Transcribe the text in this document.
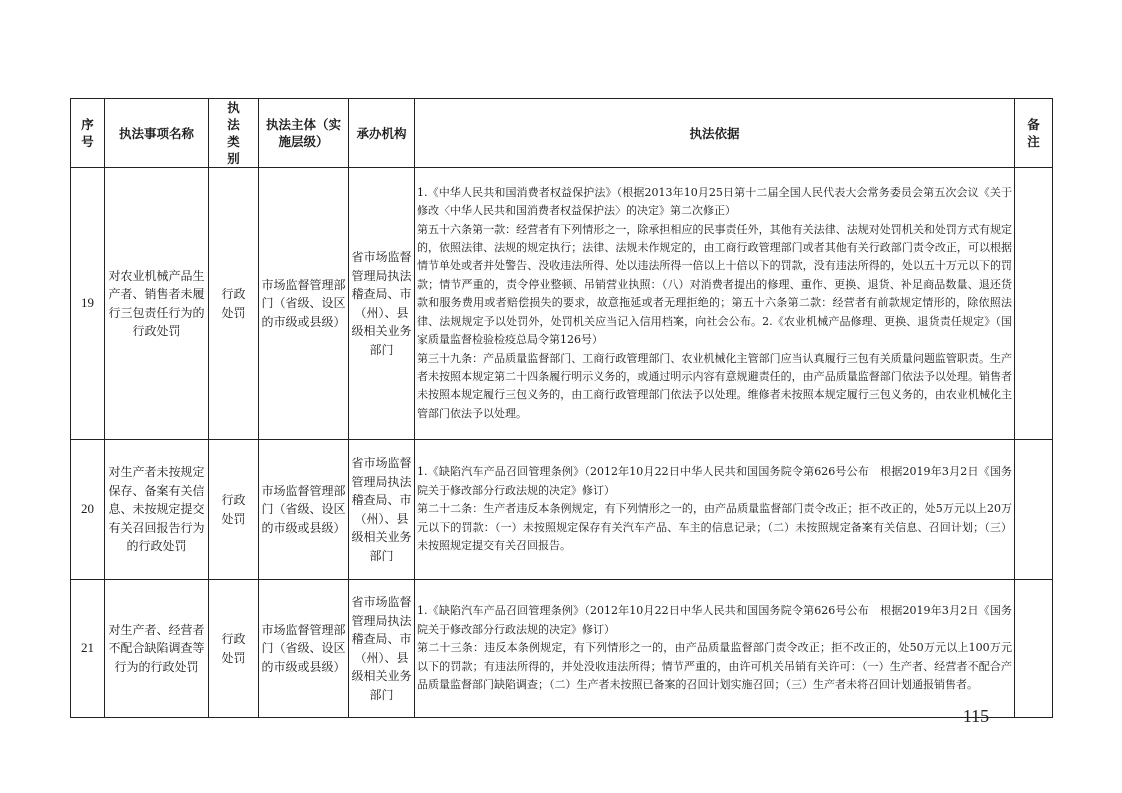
序号	执法事项名称	执法类别	执法主体（实施层级）	承办机构	执法依据	备注
19	对农业机械产品生产者、销售者未履行三包责任行为的行政处罚	行政处罚	市场监督管理部门（省级、设区的市级或县级）	省市场监督管理局执法稽查局、市（州）、县级相关业务部门	1.《中华人民共和国消费者权益保护法》（根据2013年10月25日第十二届全国人民代表大会常务委员会第五次会议《关于修改〈中华人民共和国消费者权益保护法〉的决定》第二次修正）
第五十六条第一款：经营者有下列情形之一，除承担相应的民事责任外，其他有关法律、法规对处罚机关和处罚方式有规定的，依照法律、法规的规定执行；法律、法规未作规定的，由工商行政管理部门或者其他有关行政部门责令改正，可以根据情节单处或者并处警告、没收违法所得、处以违法所得一倍以上十倍以下的罚款，没有违法所得的，处以五十万元以下的罚款；情节严重的，责令停业整顿、吊销营业执照：（八）对消费者提出的修理、重作、更换、退货、补足商品数量、退还货款和服务费用或者赔偿损失的要求，故意拖延或者无理拒绝的；第五十六条第二款：经营者有前款规定情形的，除依照法律、法规规定予以处罚外，处罚机关应当记入信用档案，向社会公布。2.《农业机械产品修理、更换、退货责任规定》（国家质量监督检验检疫总局令第126号）
第三十九条：产品质量监督部门、工商行政管理部门、农业机械化主管部门应当认真履行三包有关质量问题监管职责。生产者未按照本规定第二十四条履行明示义务的，或通过明示内容有意规避责任的，由产品质量监督部门依法予以处理。销售者未按照本规定履行三包义务的，由工商行政管理部门依法予以处理。维修者未按照本规定履行三包义务的，由农业机械化主管部门依法予以处理。	
20	对生产者未按规定保存、备案有关信息、未按规定提交有关召回报告行为的行政处罚	行政处罚	市场监督管理部门（省级、设区的市级或县级）	省市场监督管理局执法稽查局、市（州）、县级相关业务部门	1.《缺陷汽车产品召回管理条例》（2012年10月22日中华人民共和国国务院令第626号公布　根据2019年3月2日《国务院关于修改部分行政法规的决定》修订）
第二十二条：生产者违反本条例规定，有下列情形之一的，由产品质量监督部门责令改正；拒不改正的，处5万元以上20万元以下的罚款：（一）未按照规定保存有关汽车产品、车主的信息记录；（二）未按照规定备案有关信息、召回计划；（三）未按照规定提交有关召回报告。	
21	对生产者、经营者不配合缺陷调查等行为的行政处罚	行政处罚	市场监督管理部门（省级、设区的市级或县级）	省市场监督管理局执法稽查局、市（州）、县级相关业务部门	1.《缺陷汽车产品召回管理条例》（2012年10月22日中华人民共和国国务院令第626号公布　根据2019年3月2日《国务院关于修改部分行政法规的决定》修订）
第二十三条：违反本条例规定，有下列情形之一的，由产品质量监督部门责令改正；拒不改正的，处50万元以上100万元以下的罚款；有违法所得的，并处没收违法所得；情节严重的，由许可机关吊销有关许可：（一）生产者、经营者不配合产品质量监督部门缺陷调查；（二）生产者未按照已备案的召回计划实施召回；（三）生产者未将召回计划通报销售者。	
— 115 —
